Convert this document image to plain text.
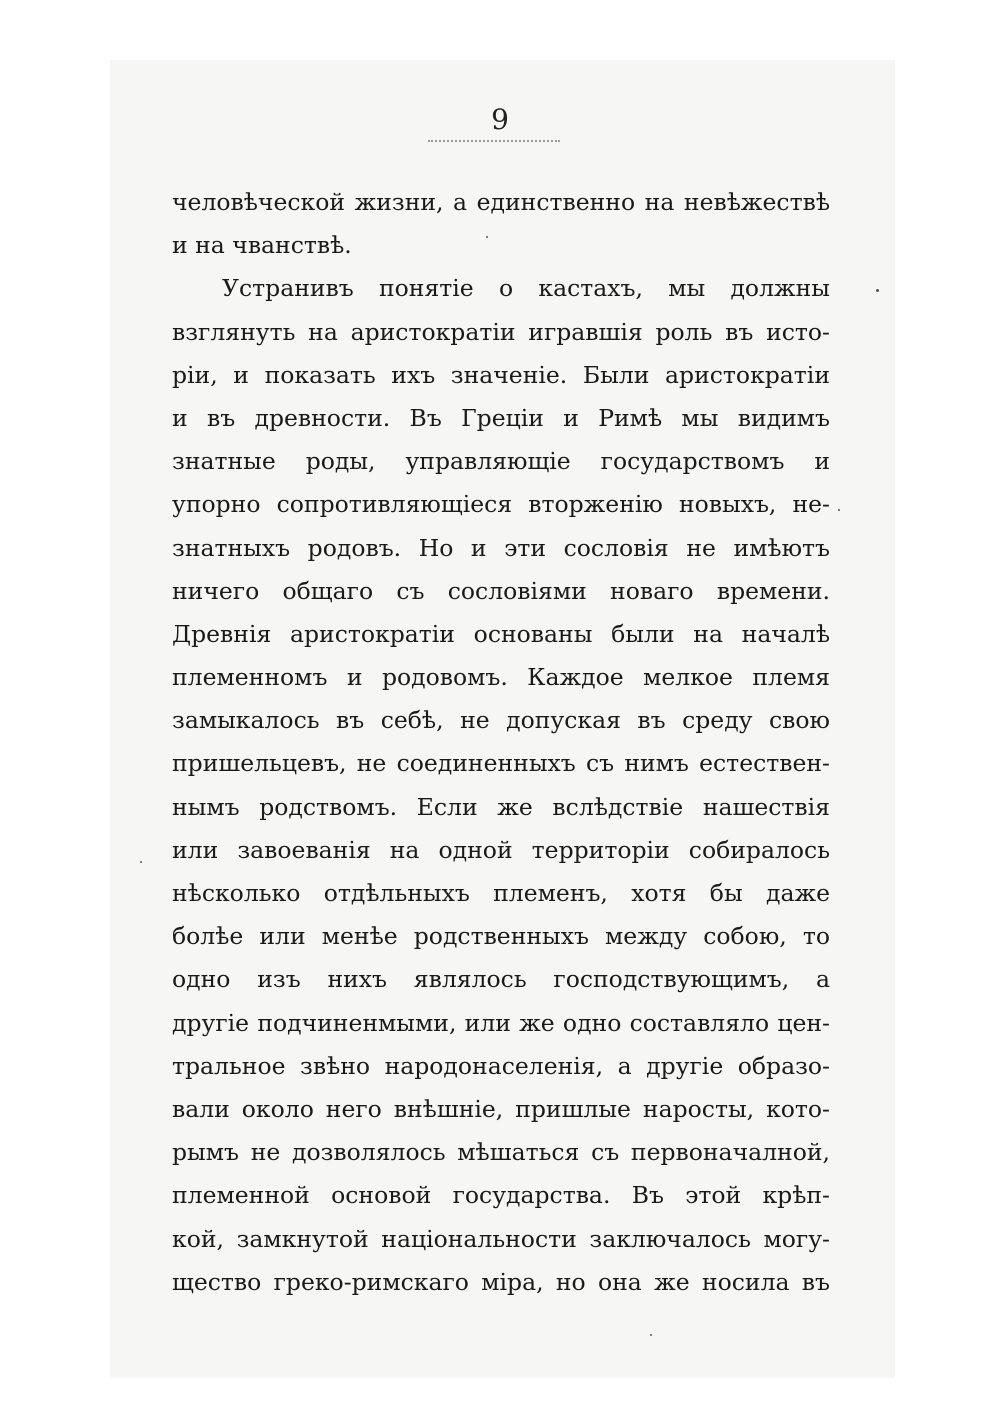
9
человѣческой жизни, а единственно на невѣжествѣ
и на чванствѣ.
Устранивъ понятіе о кастахъ, мы должны
взглянуть на аристократіи игравшія роль въ исто-
ріи, и показать ихъ значеніе. Были аристократіи
и въ древности. Въ Греціи и Римѣ мы видимъ
знатные роды, управляющіе государствомъ и
упорно сопротивляющіеся вторженію новыхъ, не-
знатныхъ родовъ. Но и эти сословія не имѣютъ
ничего общаго съ сословіями новаго времени.
Древнія аристократіи основаны были на началѣ
племенномъ и родовомъ. Каждое мелкое племя
замыкалось въ себѣ, не допуская въ среду свою
пришельцевъ, не соединенныхъ съ нимъ естествен-
нымъ родствомъ. Если же вслѣдствіе нашествія
или завоеванія на одной территоріи собиралось
нѣсколько отдѣльныхъ племенъ, хотя бы даже
болѣе или менѣе родственныхъ между собою, то
одно изъ нихъ являлось господствующимъ, а
другіе подчиненмыми, или же одно составляло цен-
тральное звѣно народонаселенія, а другіе образо-
вали около него внѣшніе, пришлые наросты, кото-
рымъ не дозволялось мѣшаться съ первоначалной,
племенной основой государства. Въ этой крѣп-
кой, замкнутой національности заключалось могу-
щество греко-римскаго міра, но она же носила въ
